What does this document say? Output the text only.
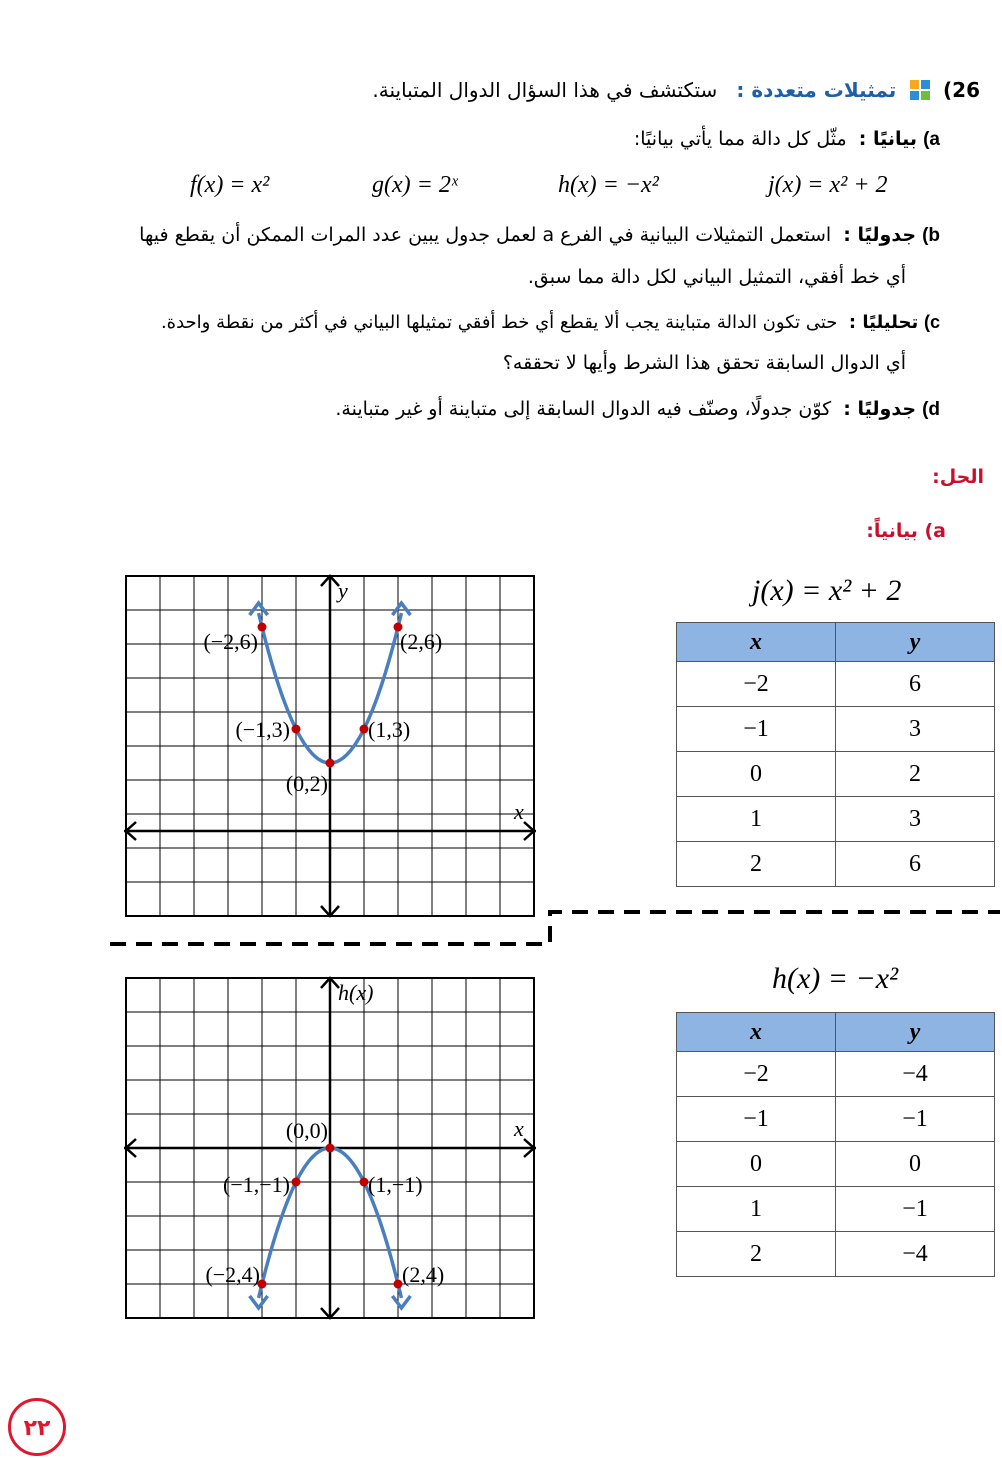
26)  تمثيلات متعددة :   ستكتشف في هذا السؤال الدوال المتباينة.
a) بيانيًا :  مثّل كل دالة مما يأتي بيانيًا:
f(x) = x²	g(x) = 2ˣ	h(x) = −x²	j(x) = x² + 2
b) جدوليًا :  استعمل التمثيلات البيانية في الفرع a لعمل جدول يبين عدد المرات الممكن أن يقطع فيها
أي خط أفقي، التمثيل البياني لكل دالة مما سبق.
c) تحليليًا :  حتى تكون الدالة متباينة يجب ألا يقطع أي خط أفقي تمثيلها البياني في أكثر من نقطة واحدة.
أي الدوال السابقة تحقق هذا الشرط وأيها لا تحققه؟
d) جدوليًا :  كوّن جدولًا، وصنّف فيه الدوال السابقة إلى متباينة أو غير متباينة.
الحل:
a) بيانياً:
x
y
(−2,6)
(−1,3)
(0,2)
(1,3)
(2,6)
j(x) = x² + 2
x	y
−2	6
−1	3
0	2
1	3
2	6
x
h(x)
(−2,4)
(−1,−1)
(0,0)
(1,−1)
(2,4)
h(x) = −x²
x	y
−2	−4
−1	−1
0	0
1	−1
2	−4
٢٢
